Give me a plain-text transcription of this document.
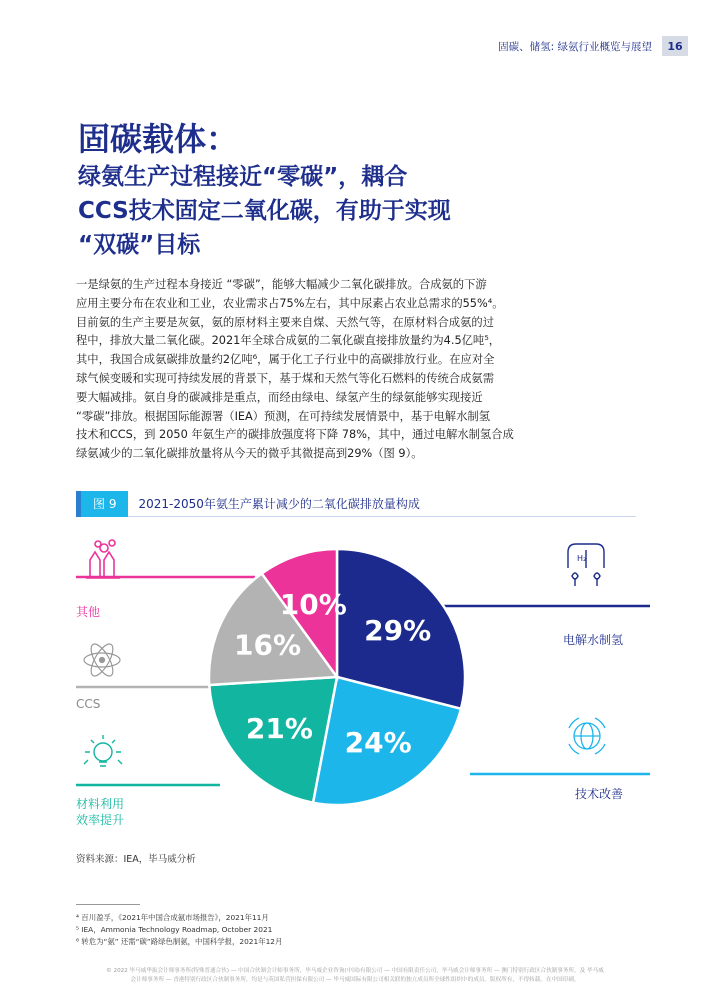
固碳、储氢: 绿氨行业概览与展望	16
固碳载体：
绿氨生产过程接近“零碳”，耦合
CCS技术固定二氧化碳，有助于实现
“双碳”目标
一是绿氨的生产过程本身接近 “零碳”，能够大幅减少二氧化碳排放。合成氨的下游
应用主要分布在农业和工业，农业需求占75%左右，其中尿素占农业总需求的55%⁴。
目前氨的生产主要是灰氨，氨的原材料主要来自煤、天然气等，在原材料合成氨的过
程中，排放大量二氧化碳。2021年全球合成氨的二氧化碳直接排放量约为4.5亿吨⁵，
其中，我国合成氨碳排放量约2亿吨⁶，属于化工子行业中的高碳排放行业。在应对全
球气候变暖和实现可持续发展的背景下，基于煤和天然气等化石燃料的传统合成氨需
要大幅减排。氨自身的碳减排是重点，而经由绿电、绿氢产生的绿氨能够实现接近
“零碳”排放。根据国际能源署（IEA）预测，在可持续发展情景中，基于电解水制氢
技术和CCS，到 2050 年氨生产的碳排放强度将下降 78%，其中，通过电解水制氢合成
绿氨减少的二氧化碳排放量将从今天的微乎其微提高到29%（图 9）。
图 9	2021-2050年氨生产累计减少的二氧化碳排放量构成
29%
24%
21%
16%
10%
H₂
其他
CCS
材料利用
效率提升
电解水制氢
技术改善
资料来源：IEA，毕马威分析
⁴ 百川盈孚，《2021年中国合成氨市场报告》，2021年11月
⁵ IEA，Ammonia Technology Roadmap, October 2021
⁶ 转危为“氨” 还需“碳”路绿色制氨，中国科学报，2021年12月
© 2022 毕马威华振会计师事务所(特殊普通合伙) — 中国合伙制会计师事务所，毕马威企业咨询(中国)有限公司 — 中国有限责任公司，毕马威会计师事务所 — 澳门特别行政区合伙制事务所，及 毕马威
会计师事务所 — 香港特别行政区合伙制事务所，均是与英国私营担保有限公司 — 毕马威国际有限公司相关联的独立成员所全球性组织中的成员。版权所有，不得转载。在中国印刷。
